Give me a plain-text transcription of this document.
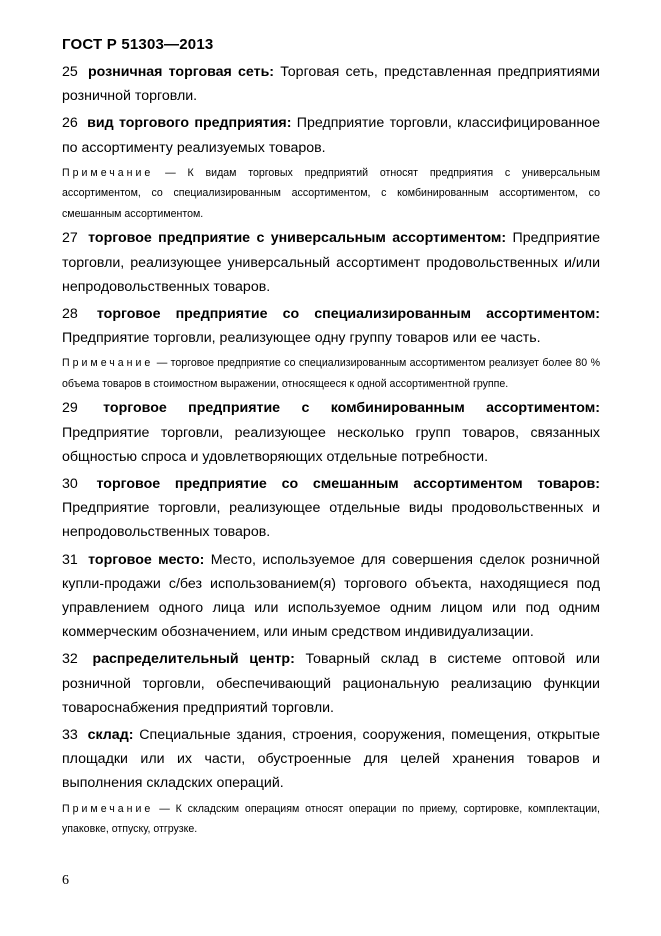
ГОСТ Р 51303—2013

25 розничная торговая сеть: Торговая сеть, представленная предприятиями розничной торговли.

26 вид торгового предприятия: Предприятие торговли, классифицированное по ассортименту реализуемых товаров.

Примечание — К видам торговых предприятий относят предприятия с универсальным ассортиментом, со специализированным ассортиментом, с комбинированным ассортиментом, со смешанным ассортиментом.

27 торговое предприятие с универсальным ассортиментом: Предприятие торговли, реализующее универсальный ассортимент продовольственных и/или непродовольственных товаров.

28 торговое предприятие со специализированным ассортиментом: Предприятие торговли, реализующее одну группу товаров или ее часть.

Примечание — торговое предприятие со специализированным ассортиментом реализует более 80 % объема товаров в стоимостном выражении, относящееся к одной ассортиментной группе.

29 торговое предприятие с комбинированным ассортиментом: Предприятие торговли, реализующее несколько групп товаров, связанных общностью спроса и удовлетворяющих отдельные потребности.

30 торговое предприятие со смешанным ассортиментом товаров: Предприятие торговли, реализующее отдельные виды продовольственных и непродовольственных товаров.

31 торговое место: Место, используемое для совершения сделок розничной купли-продажи с/без использованием(я) торгового объекта, находящиеся под управлением одного лица или используемое одним лицом или под одним коммерческим обозначением, или иным средством индивидуализации.

32 распределительный центр: Товарный склад в системе оптовой или розничной торговли, обеспечивающий рациональную реализацию функции товароснабжения предприятий торговли.

33 склад: Специальные здания, строения, сооружения, помещения, открытые площадки или их части, обустроенные для целей хранения товаров и выполнения складских операций.

Примечание — К складским операциям относят операции по приему, сортировке, комплектации, упаковке, отпуску, отгрузке.

6
